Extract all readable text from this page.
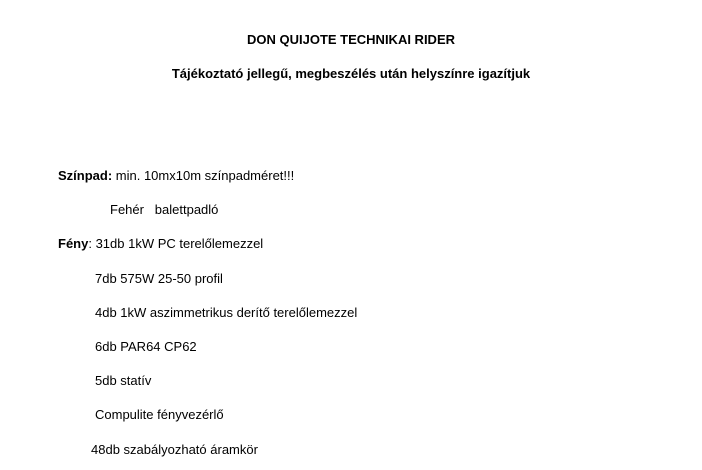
DON QUIJOTE TECHNIKAI RIDER
Tájékoztató jellegű, megbeszélés után helyszínre igazítjuk
Színpad: min. 10mx10m színpadméret!!!
Fehér   balettpadló
Fény: 31db 1kW PC terelőlemezzel
7db 575W 25-50 profil
4db 1kW aszimmetrikus derítő terelőlemezzel
6db PAR64 CP62
5db statív
Compulite fényvezérlő
48db szabályozható áramkör
